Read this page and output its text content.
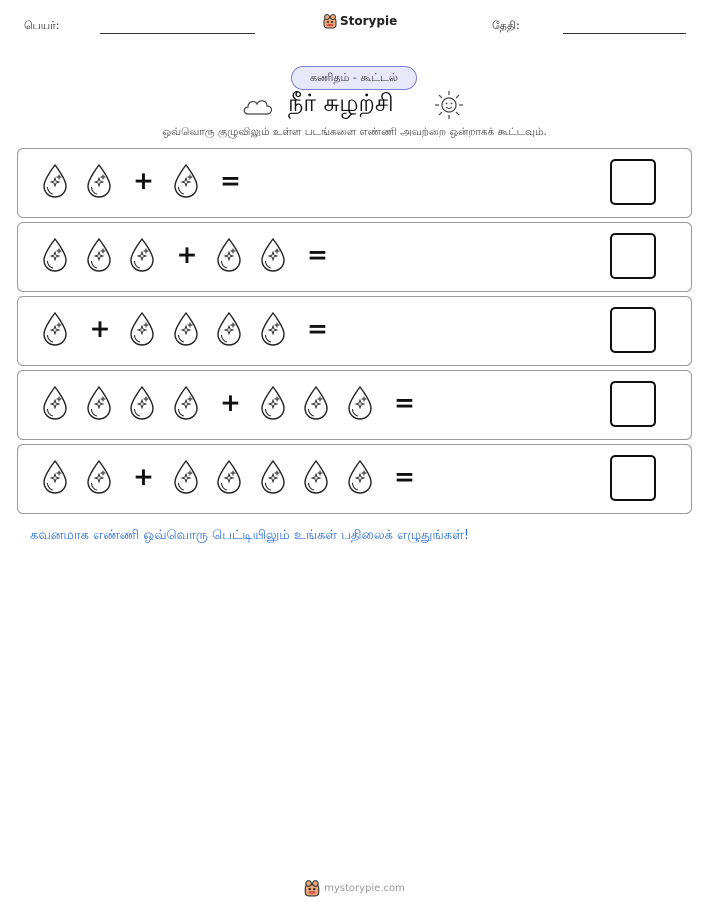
பெயர்:	Storypie	தேதி:
கணிதம் - கூட்டல்
நீர் சுழற்சி
ஒவ்வொரு குழுவிலும் உள்ள படங்களை எண்ணி அவற்றை ஒன்றாகக் கூட்டவும்.
+	=
+	=
+	=
+	=
+	=
கவனமாக எண்ணி ஒவ்வொரு பெட்டியிலும் உங்கள் பதிலைக் எழுதுங்கள்!
mystorypie.com
